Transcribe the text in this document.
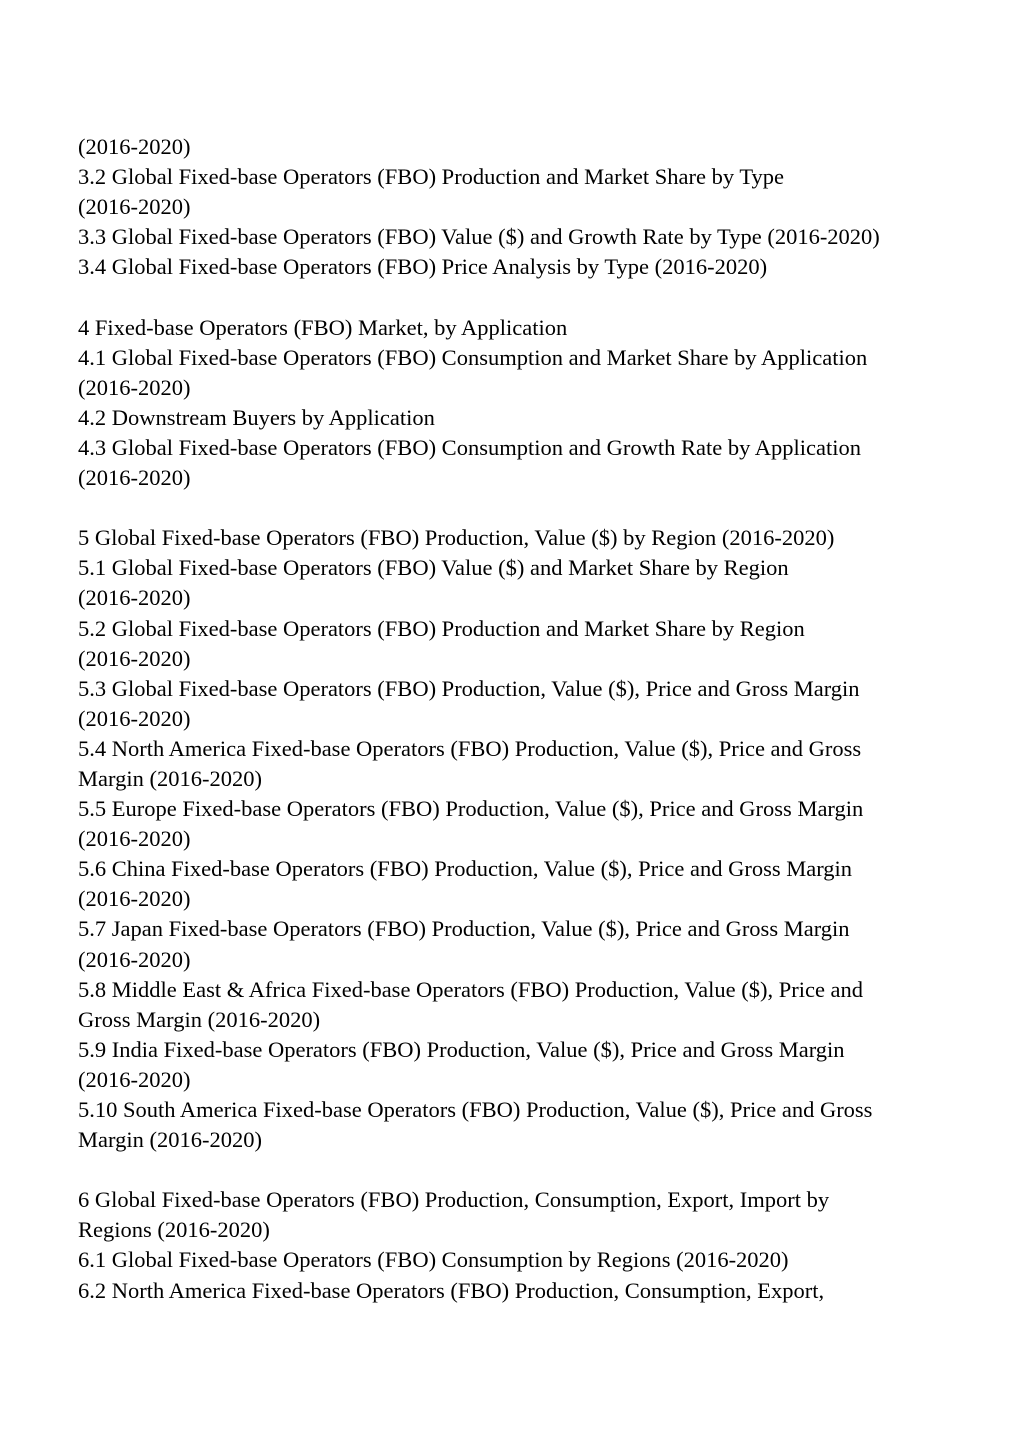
(2016-2020)
3.2 Global Fixed-base Operators (FBO) Production and Market Share by Type
(2016-2020)
3.3 Global Fixed-base Operators (FBO) Value ($) and Growth Rate by Type (2016-2020)
3.4 Global Fixed-base Operators (FBO) Price Analysis by Type (2016-2020)
4 Fixed-base Operators (FBO) Market, by Application
4.1 Global Fixed-base Operators (FBO) Consumption and Market Share by Application
(2016-2020)
4.2 Downstream Buyers by Application
4.3 Global Fixed-base Operators (FBO) Consumption and Growth Rate by Application
(2016-2020)
5 Global Fixed-base Operators (FBO) Production, Value ($) by Region (2016-2020)
5.1 Global Fixed-base Operators (FBO) Value ($) and Market Share by Region
(2016-2020)
5.2 Global Fixed-base Operators (FBO) Production and Market Share by Region
(2016-2020)
5.3 Global Fixed-base Operators (FBO) Production, Value ($), Price and Gross Margin
(2016-2020)
5.4 North America Fixed-base Operators (FBO) Production, Value ($), Price and Gross
Margin (2016-2020)
5.5 Europe Fixed-base Operators (FBO) Production, Value ($), Price and Gross Margin
(2016-2020)
5.6 China Fixed-base Operators (FBO) Production, Value ($), Price and Gross Margin
(2016-2020)
5.7 Japan Fixed-base Operators (FBO) Production, Value ($), Price and Gross Margin
(2016-2020)
5.8 Middle East & Africa Fixed-base Operators (FBO) Production, Value ($), Price and
Gross Margin (2016-2020)
5.9 India Fixed-base Operators (FBO) Production, Value ($), Price and Gross Margin
(2016-2020)
5.10 South America Fixed-base Operators (FBO) Production, Value ($), Price and Gross
Margin (2016-2020)
6 Global Fixed-base Operators (FBO) Production, Consumption, Export, Import by
Regions (2016-2020)
6.1 Global Fixed-base Operators (FBO) Consumption by Regions (2016-2020)
6.2 North America Fixed-base Operators (FBO) Production, Consumption, Export,
